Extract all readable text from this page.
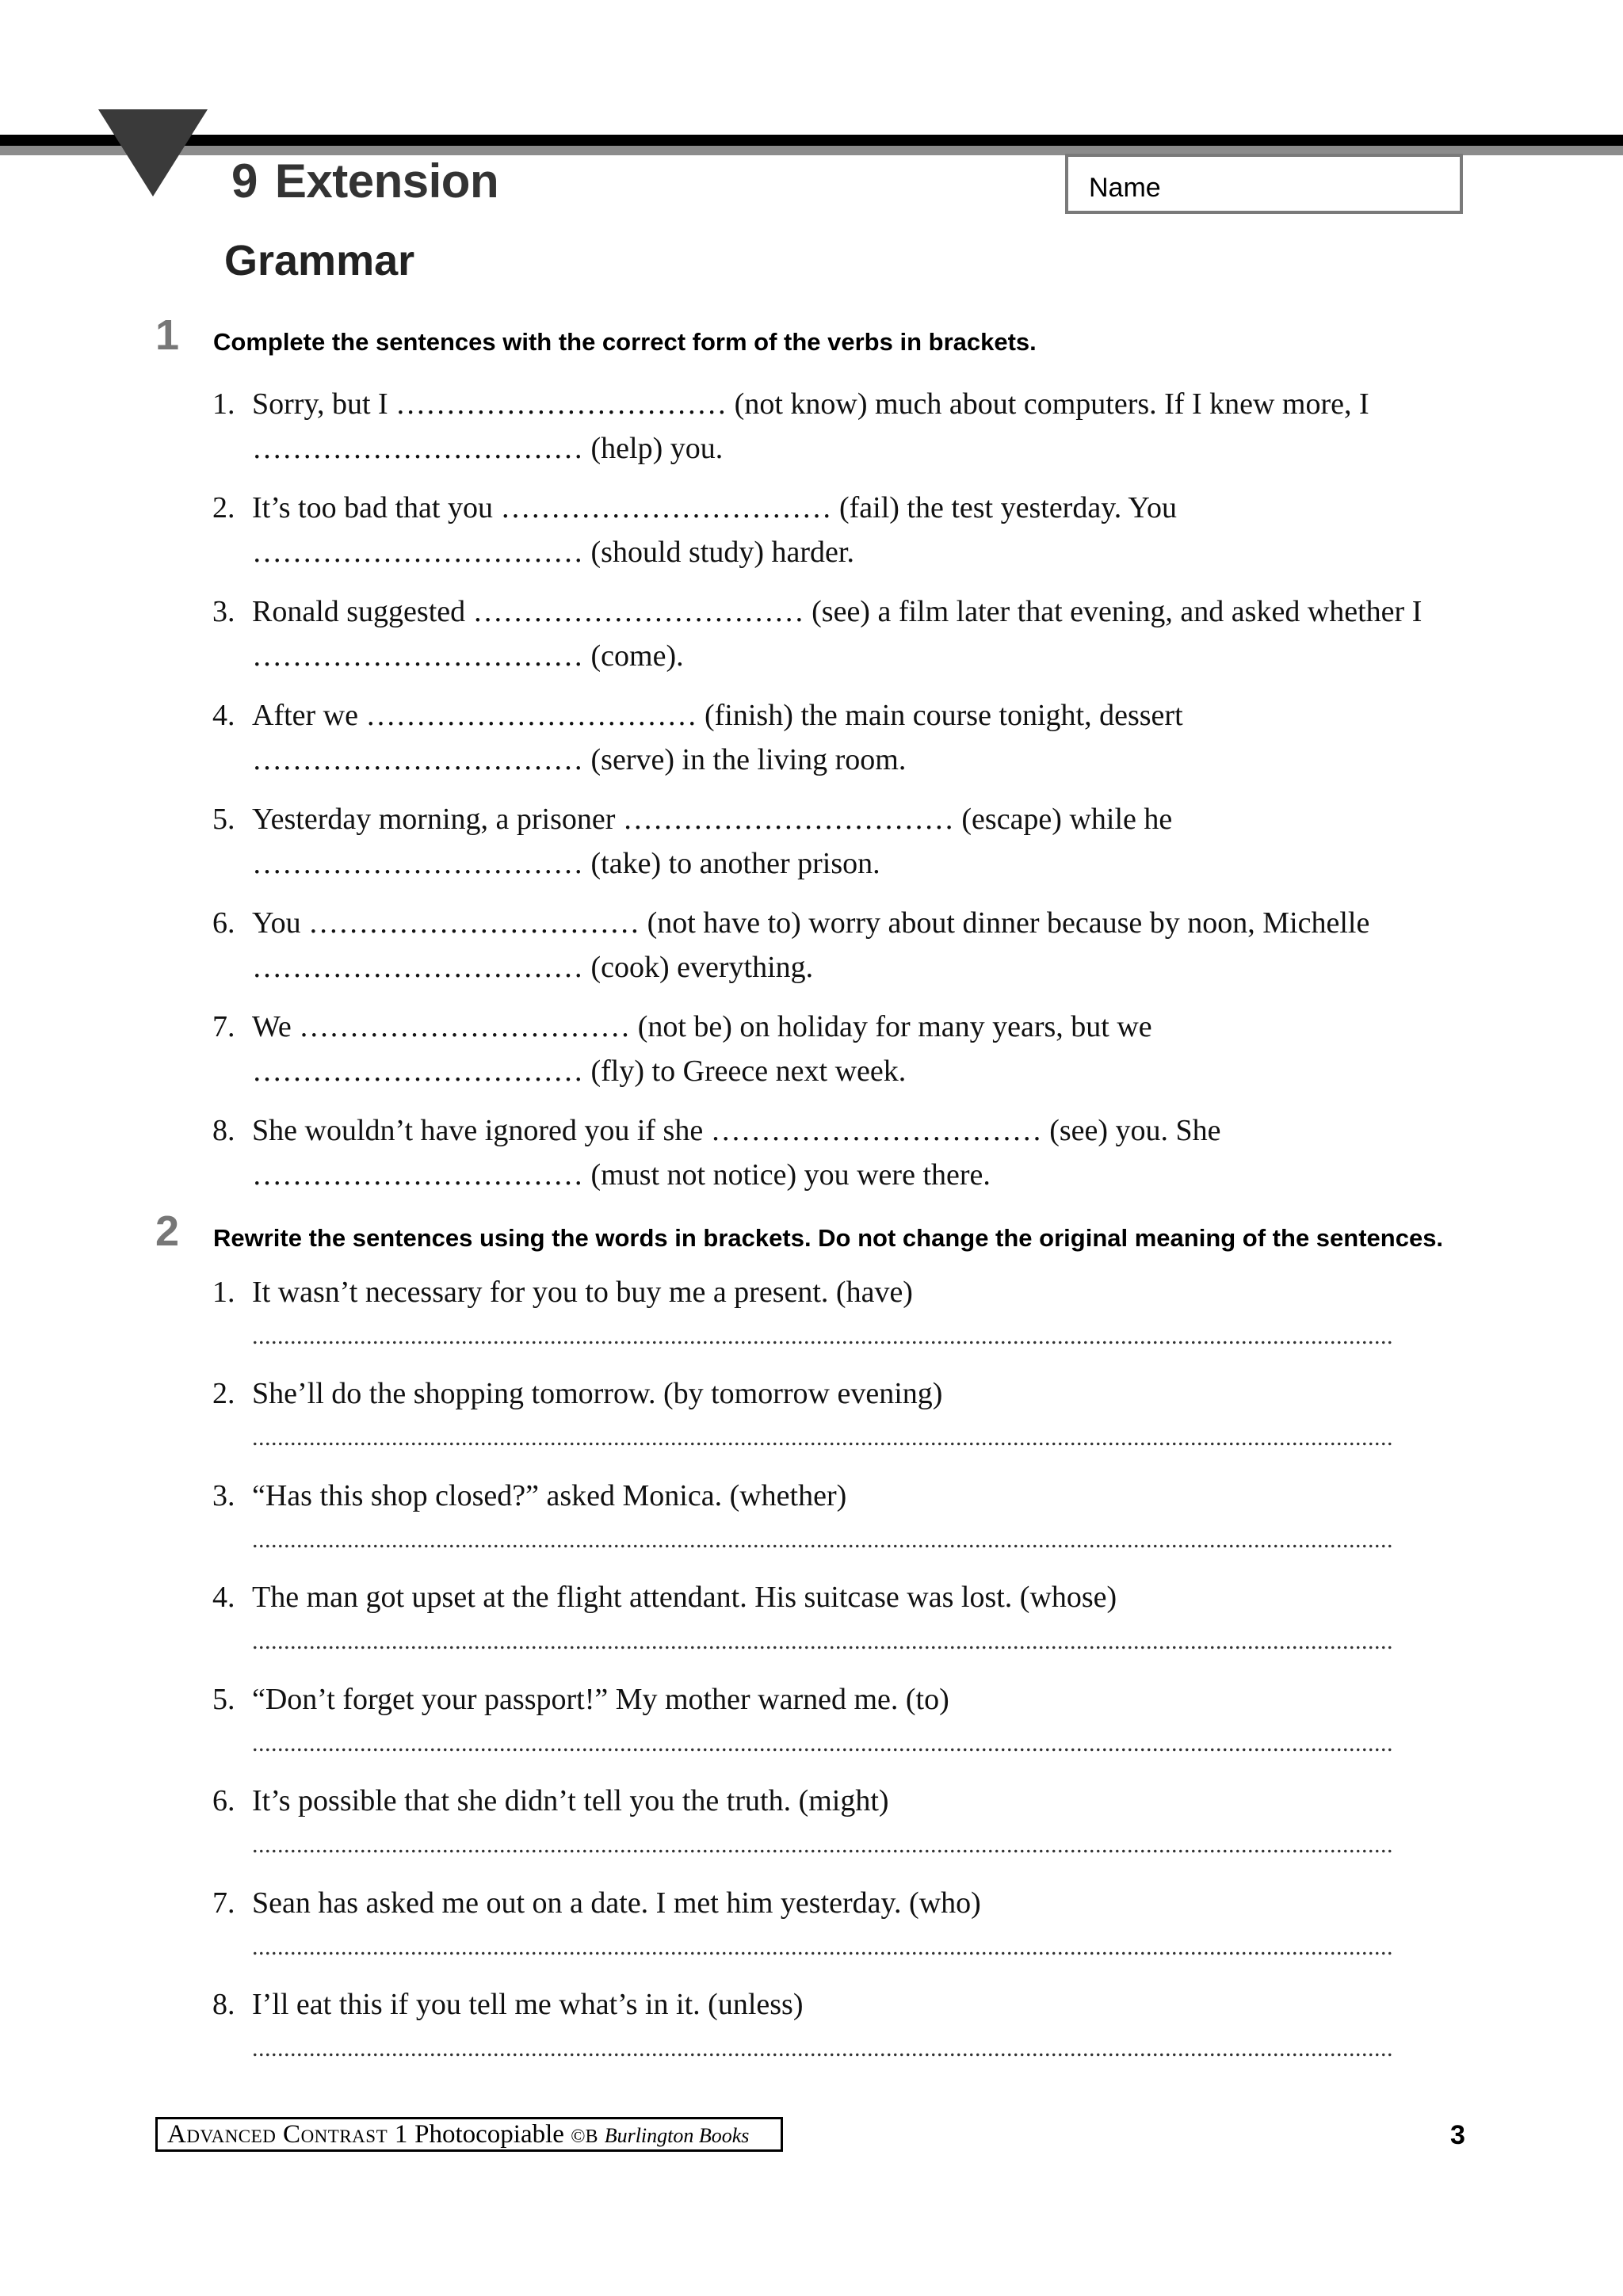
9 Extension	Name
Grammar
1 Complete the sentences with the correct form of the verbs in brackets.
1. Sorry, but I …………………………… (not know) much about computers. If I knew more, I
…………………………… (help) you.
2. It’s too bad that you …………………………… (fail) the test yesterday. You
…………………………… (should study) harder.
3. Ronald suggested …………………………… (see) a film later that evening, and asked whether I
…………………………… (come).
4. After we …………………………… (finish) the main course tonight, dessert
…………………………… (serve) in the living room.
5. Yesterday morning, a prisoner …………………………… (escape) while he
…………………………… (take) to another prison.
6. You …………………………… (not have to) worry about dinner because by noon, Michelle
…………………………… (cook) everything.
7. We …………………………… (not be) on holiday for many years, but we
…………………………… (fly) to Greece next week.
8. She wouldn’t have ignored you if she …………………………… (see) you. She
…………………………… (must not notice) you were there.
2 Rewrite the sentences using the words in brackets. Do not change the original meaning of the sentences.
1. It wasn’t necessary for you to buy me a present. (have)
....................................................................................................................................................................................
2. She’ll do the shopping tomorrow. (by tomorrow evening)
....................................................................................................................................................................................
3. “Has this shop closed?” asked Monica. (whether)
....................................................................................................................................................................................
4. The man got upset at the flight attendant. His suitcase was lost. (whose)
....................................................................................................................................................................................
5. “Don’t forget your passport!” My mother warned me. (to)
....................................................................................................................................................................................
6. It’s possible that she didn’t tell you the truth. (might)
....................................................................................................................................................................................
7. Sean has asked me out on a date. I met him yesterday. (who)
....................................................................................................................................................................................
8. I’ll eat this if you tell me what’s in it. (unless)
....................................................................................................................................................................................
Advanced Contrast 1 Photocopiable ©B Burlington Books	3
